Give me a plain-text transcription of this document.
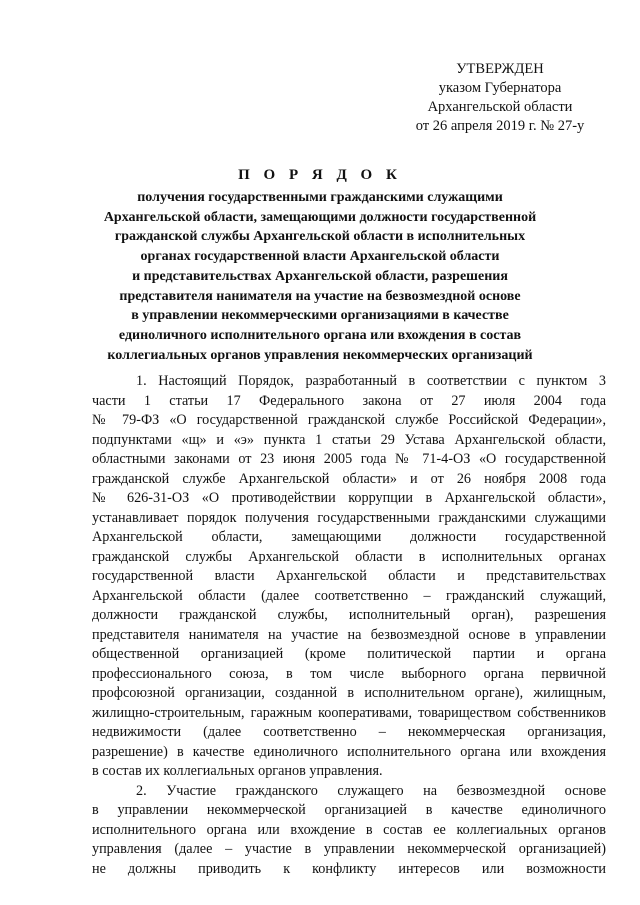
УТВЕРЖДЕН
указом Губернатора
Архангельской области
от 26 апреля 2019 г. № 27-у
П О Р Я Д О К
получения государственными гражданскими служащими
Архангельской области, замещающими должности государственной
гражданской службы Архангельской области в исполнительных
органах государственной власти Архангельской области
и представительствах Архангельской области, разрешения
представителя нанимателя на участие на безвозмездной основе
в управлении некоммерческими организациями в качестве
единоличного исполнительного органа или вхождения в состав
коллегиальных органов управления некоммерческих организаций
1. Настоящий Порядок, разработанный в соответствии с пунктом 3
части 1 статьи 17 Федерального закона от 27 июля 2004 года
№ 79-ФЗ «О государственной гражданской службе Российской Федерации»,
подпунктами «щ» и «э» пункта 1 статьи 29 Устава Архангельской области,
областными законами от 23 июня 2005 года № 71-4-ОЗ «О государственной
гражданской службе Архангельской области» и от 26 ноября 2008 года
№ 626-31-ОЗ «О противодействии коррупции в Архангельской области»,
устанавливает порядок получения государственными гражданскими служащими
Архангельской области, замещающими должности государственной
гражданской службы Архангельской области в исполнительных органах
государственной власти Архангельской области и представительствах
Архангельской области (далее соответственно – гражданский служащий,
должности гражданской службы, исполнительный орган), разрешения
представителя нанимателя на участие на безвозмездной основе в управлении
общественной организацией (кроме политической партии и органа
профессионального союза, в том числе выборного органа первичной
профсоюзной организации, созданной в исполнительном органе), жилищным,
жилищно-строительным, гаражным кооперативами, товариществом собственников
недвижимости (далее соответственно – некоммерческая организация,
разрешение) в качестве единоличного исполнительного органа или вхождения
в состав их коллегиальных органов управления.
2. Участие гражданского служащего на безвозмездной основе
в управлении некоммерческой организацией в качестве единоличного
исполнительного органа или вхождение в состав ее коллегиальных органов
управления (далее – участие в управлении некоммерческой организацией)
не должны приводить к конфликту интересов или возможности
